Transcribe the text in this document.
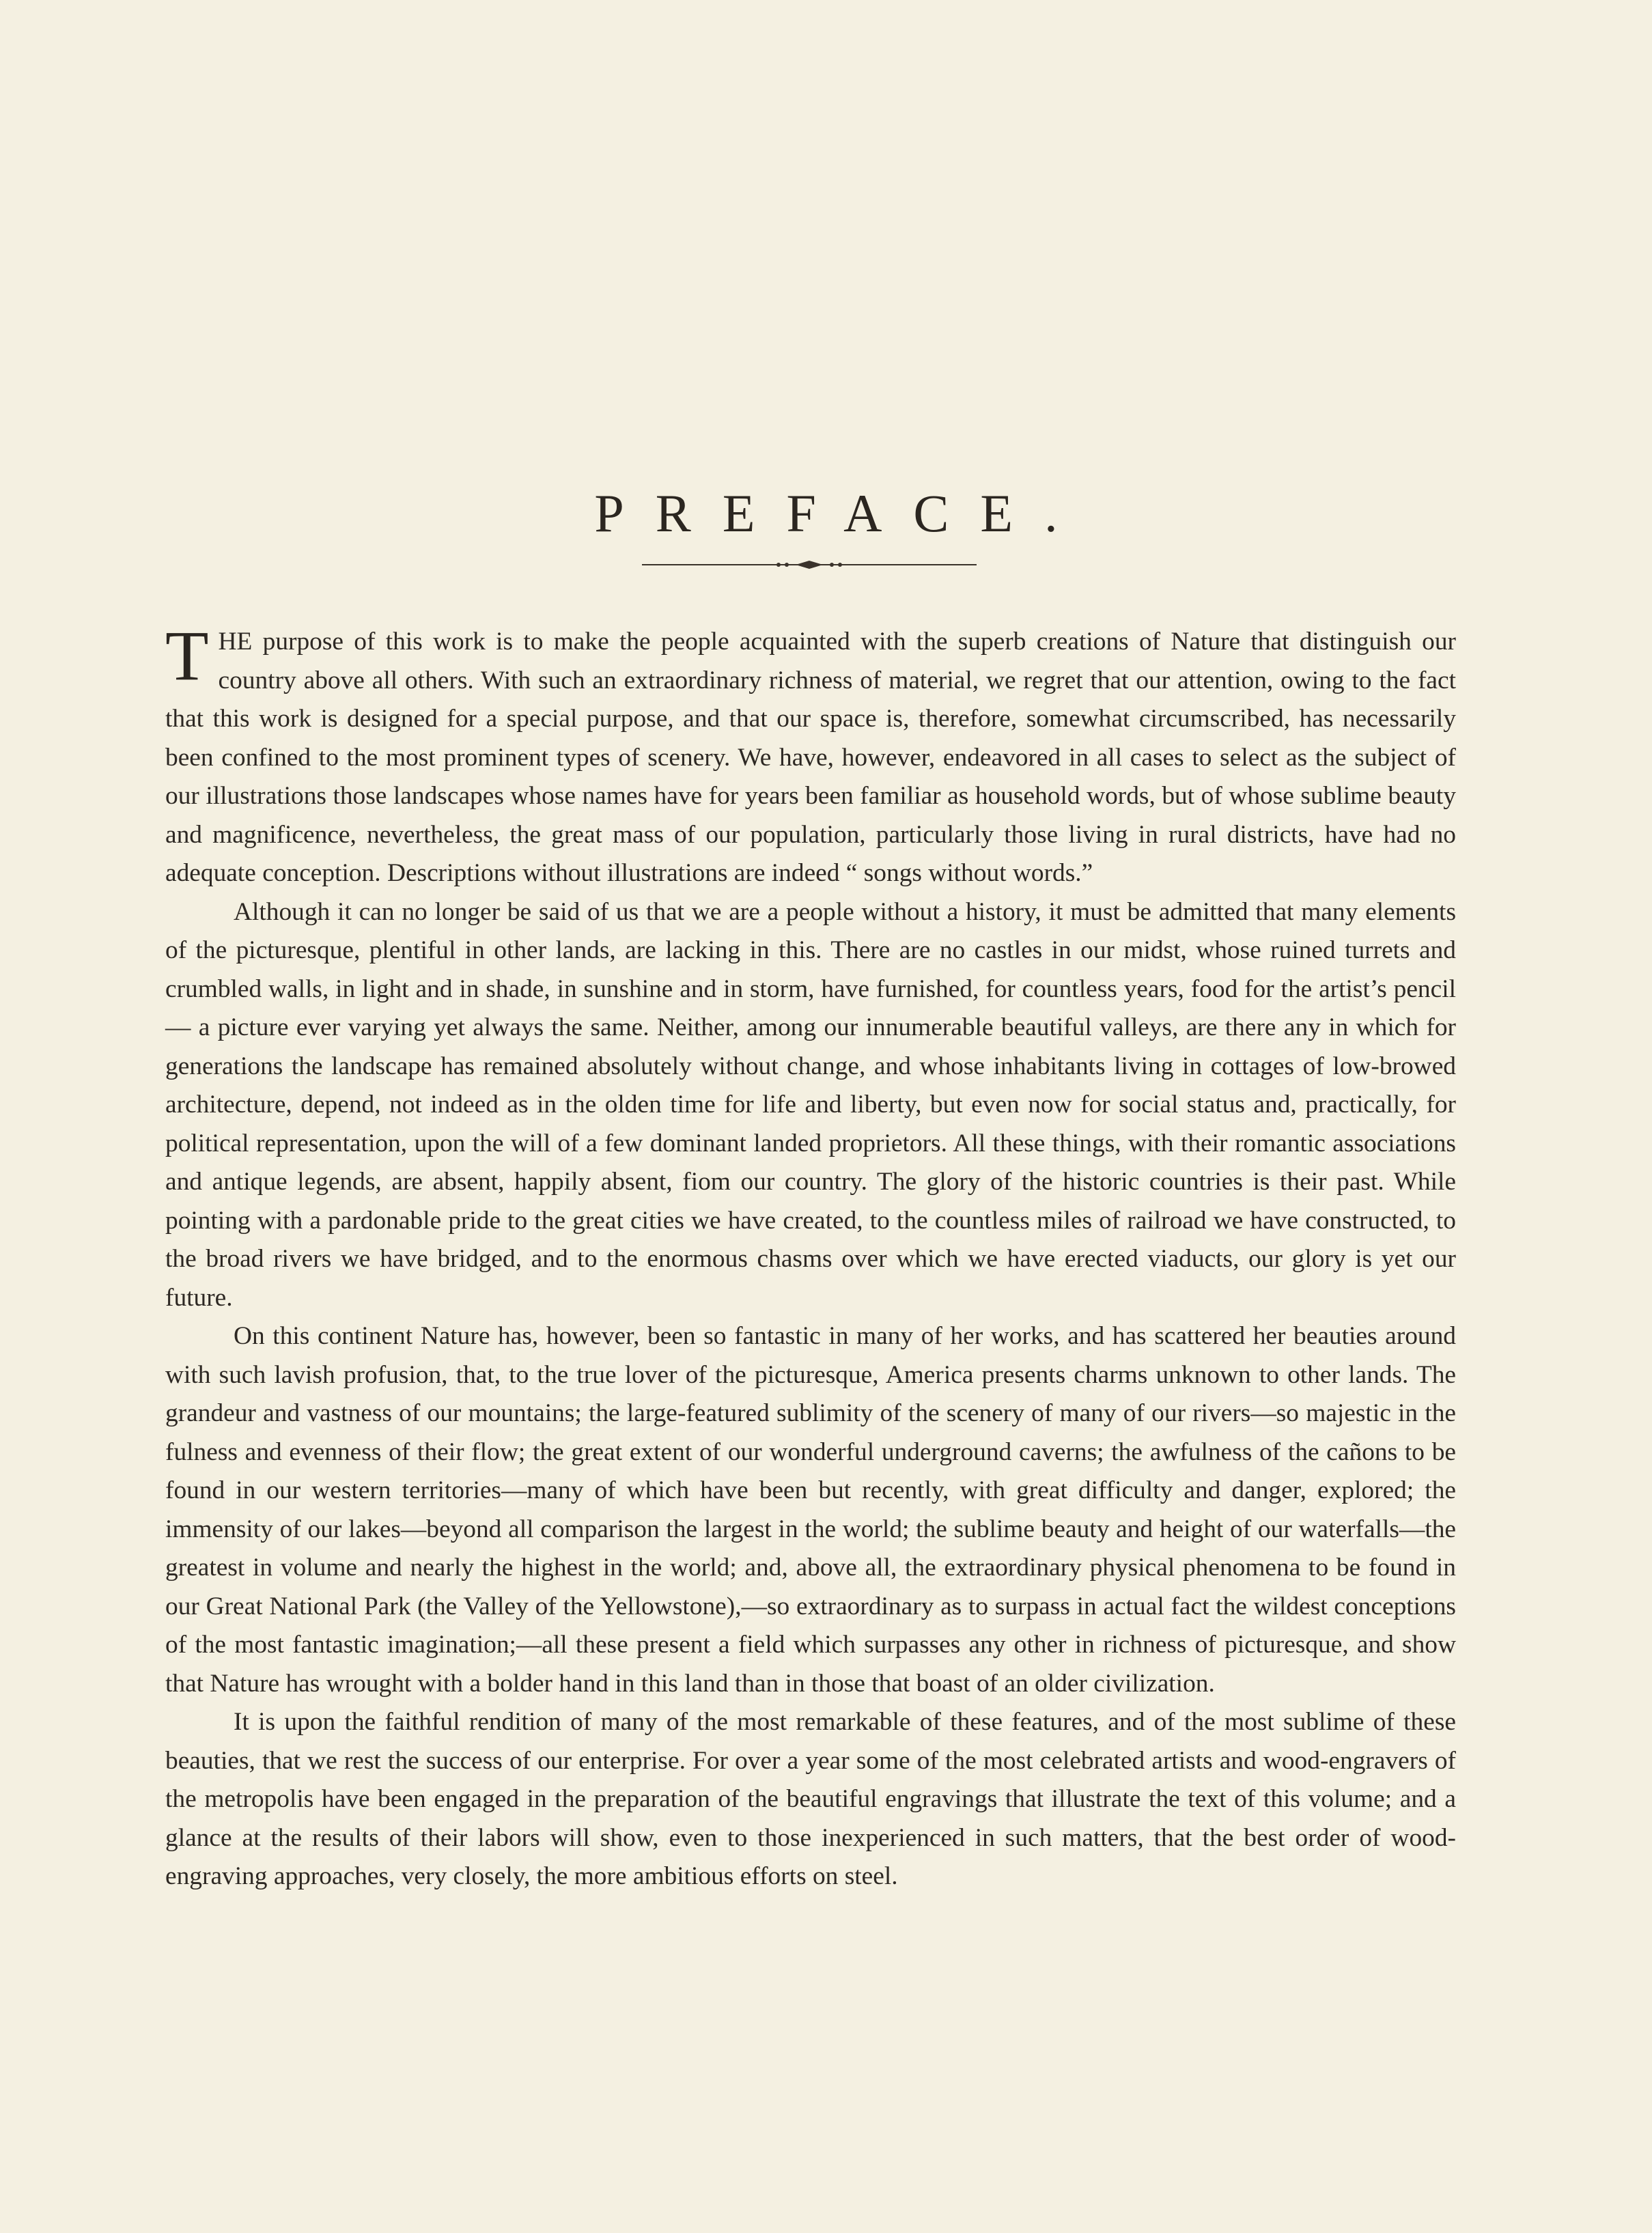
PREFACE.

THE purpose of this work is to make the people acquainted with the superb creations of Nature that distinguish our country above all others. With such an extraordinary richness of material, we regret that our attention, owing to the fact that this work is designed for a special purpose, and that our space is, therefore, somewhat circumscribed, has necessarily been confined to the most prominent types of scenery. We have, however, endeavored in all cases to select as the subject of our illustrations those landscapes whose names have for years been familiar as household words, but of whose sublime beauty and magnificence, nevertheless, the great mass of our population, particularly those living in rural districts, have had no adequate conception. Descriptions without illustrations are indeed “ songs without words.”

Although it can no longer be said of us that we are a people without a history, it must be admitted that many elements of the picturesque, plentiful in other lands, are lacking in this. There are no castles in our midst, whose ruined turrets and crumbled walls, in light and in shade, in sunshine and in storm, have furnished, for countless years, food for the artist’s pencil — a picture ever varying yet always the same. Neither, among our innumerable beautiful valleys, are there any in which for generations the landscape has remained absolutely without change, and whose inhabitants living in cottages of low-browed architecture, depend, not indeed as in the olden time for life and liberty, but even now for social status and, practically, for political representation, upon the will of a few dominant landed proprietors. All these things, with their romantic associations and antique legends, are absent, happily absent, fiom our country. The glory of the historic countries is their past. While pointing with a pardonable pride to the great cities we have created, to the countless miles of railroad we have constructed, to the broad rivers we have bridged, and to the enormous chasms over which we have erected viaducts, our glory is yet our future.

On this continent Nature has, however, been so fantastic in many of her works, and has scattered her beauties around with such lavish profusion, that, to the true lover of the picturesque, America presents charms unknown to other lands. The grandeur and vastness of our mountains; the large-featured sublimity of the scenery of many of our rivers—so majestic in the fulness and evenness of their flow; the great extent of our wonderful underground caverns; the awfulness of the cañons to be found in our western territories—many of which have been but recently, with great difficulty and danger, explored; the immensity of our lakes—beyond all comparison the largest in the world; the sublime beauty and height of our waterfalls—the greatest in volume and nearly the highest in the world; and, above all, the extraordinary physical phenomena to be found in our Great National Park (the Valley of the Yellowstone),—so extraordinary as to surpass in actual fact the wildest conceptions of the most fantastic imagination;—all these present a field which surpasses any other in richness of picturesque, and show that Nature has wrought with a bolder hand in this land than in those that boast of an older civilization.

It is upon the faithful rendition of many of the most remarkable of these features, and of the most sublime of these beauties, that we rest the success of our enterprise. For over a year some of the most celebrated artists and wood-engravers of the metropolis have been engaged in the preparation of the beautiful engravings that illustrate the text of this volume; and a glance at the results of their labors will show, even to those inexperienced in such matters, that the best order of wood-engraving approaches, very closely, the more ambitious efforts on steel.
